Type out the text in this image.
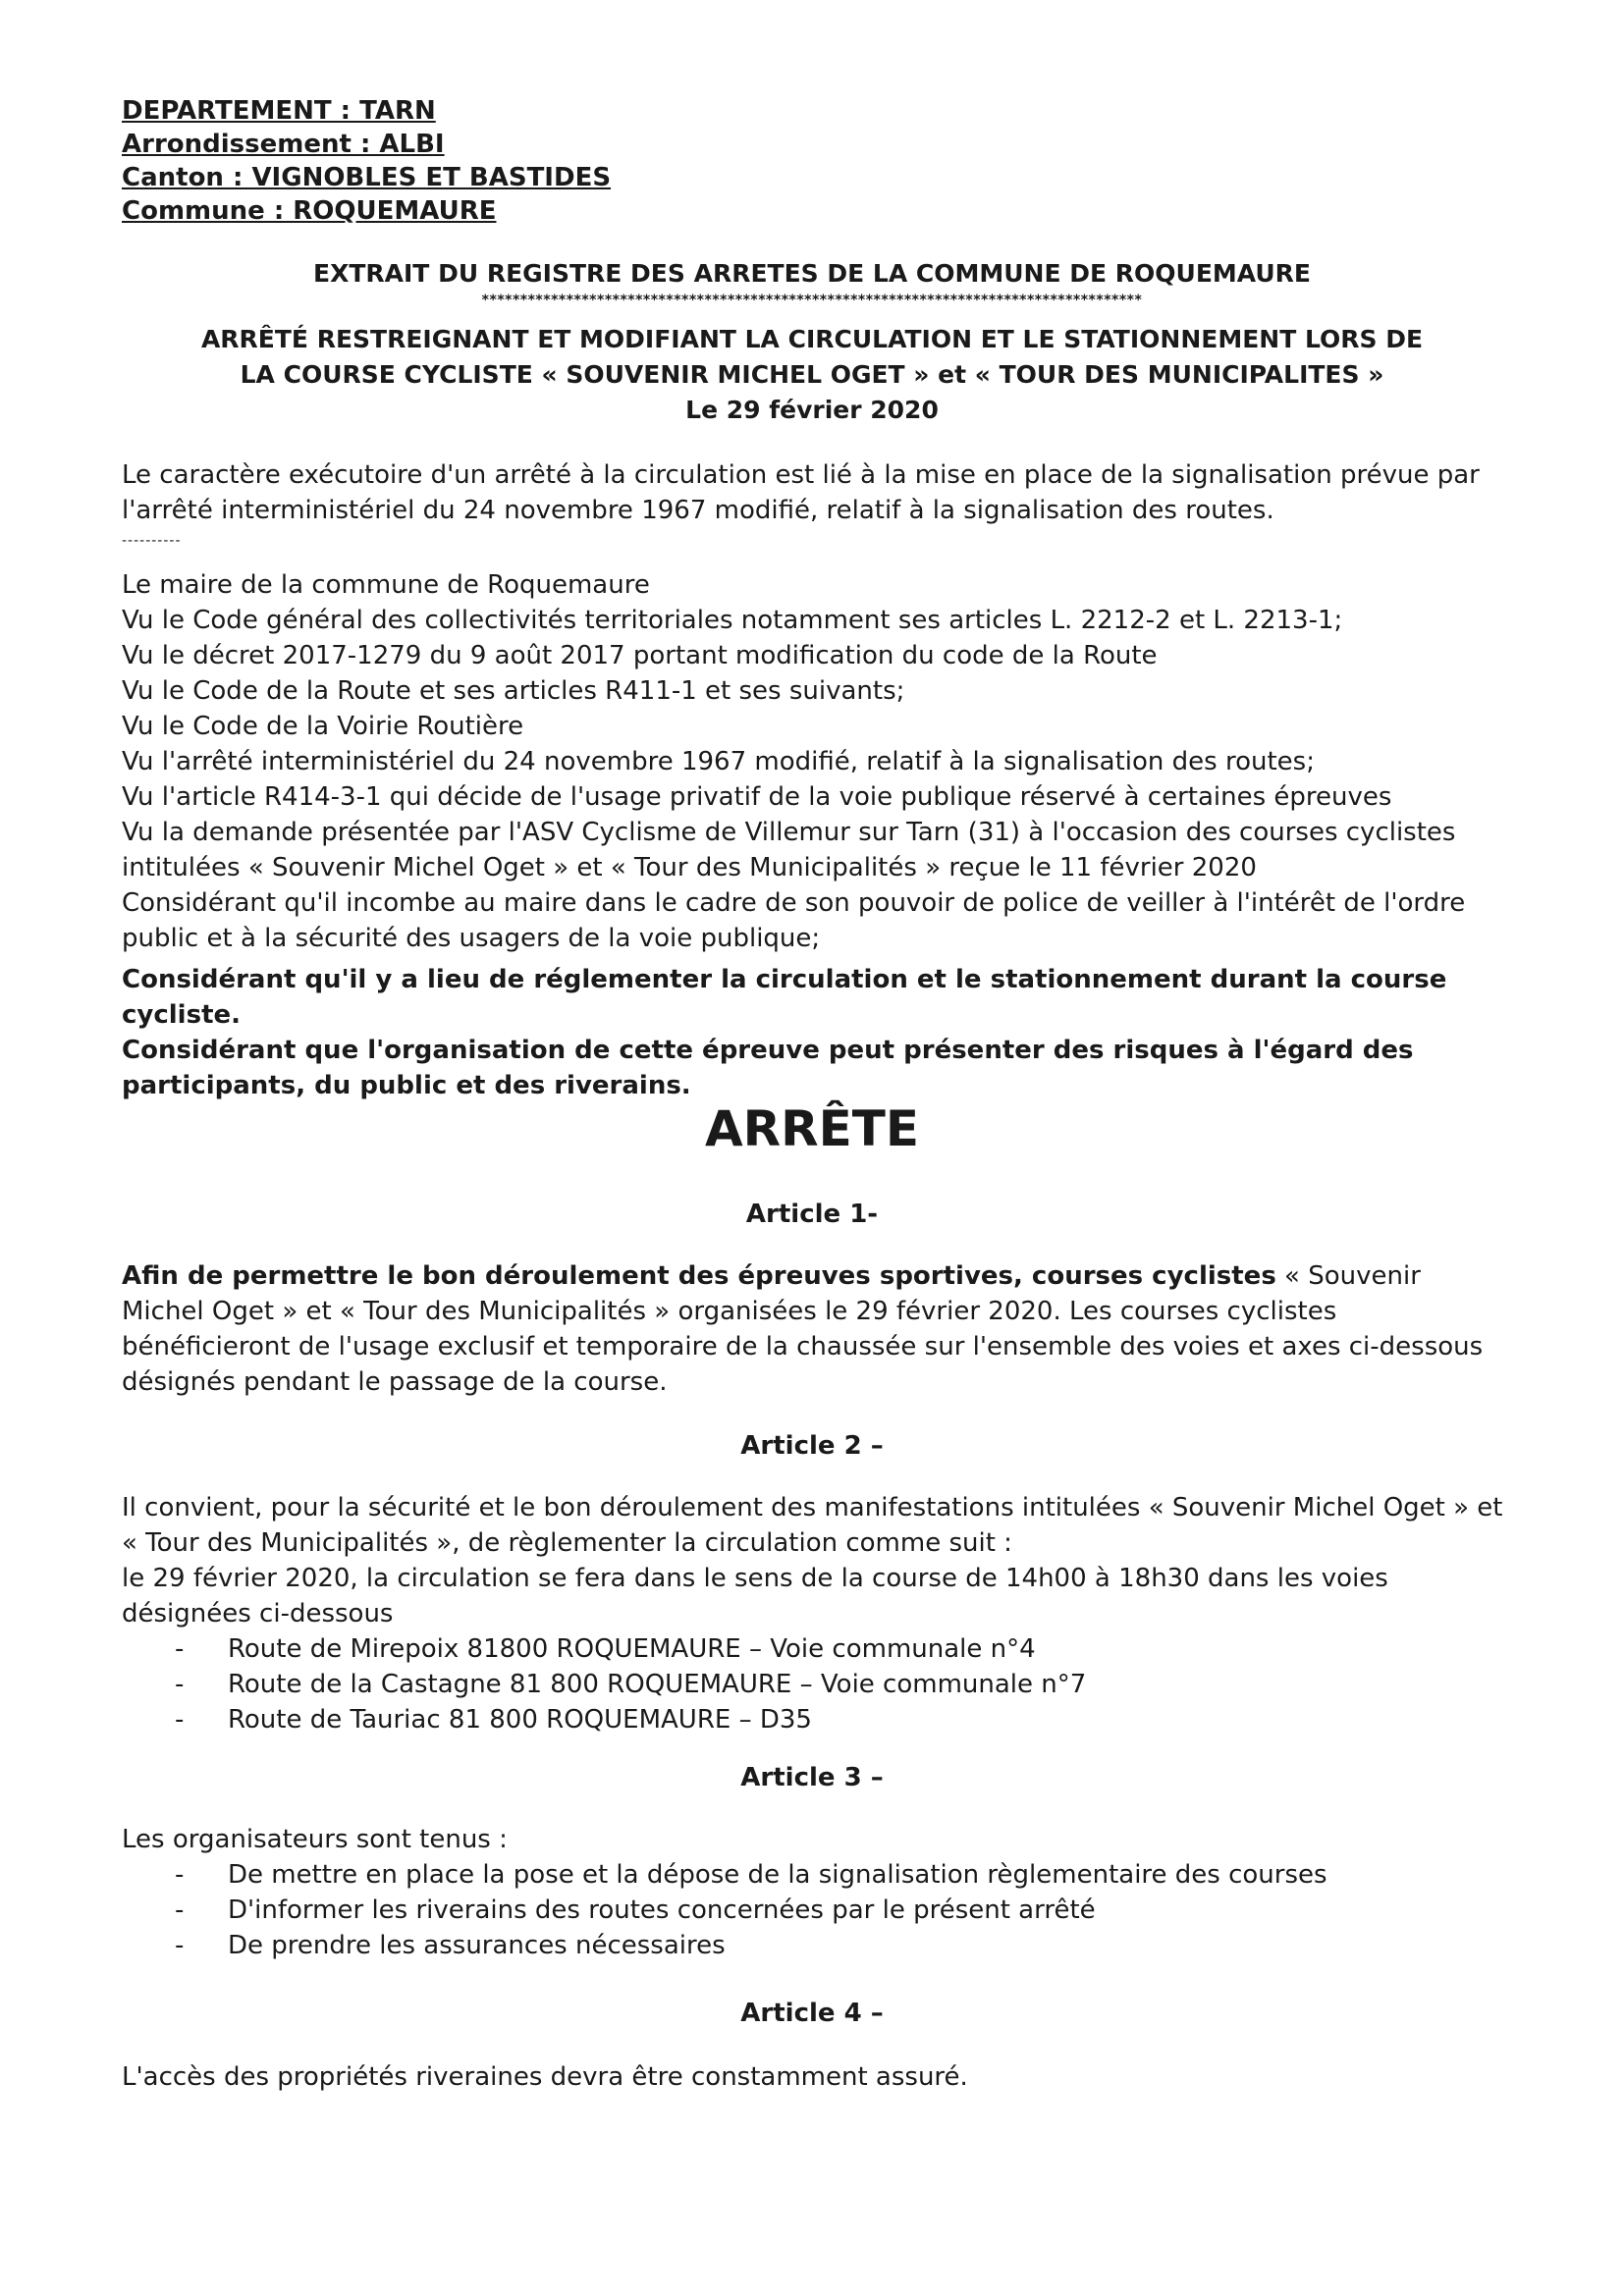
DEPARTEMENT : TARN
Arrondissement : ALBI
Canton : VIGNOBLES ET BASTIDES
Commune : ROQUEMAURE
EXTRAIT DU REGISTRE DES ARRETES DE LA COMMUNE DE ROQUEMAURE
**************************************************************************************
ARRÊTÉ RESTREIGNANT ET MODIFIANT LA CIRCULATION ET LE STATIONNEMENT LORS DE
LA COURSE CYCLISTE « SOUVENIR MICHEL OGET » et « TOUR DES MUNICIPALITES »
Le 29 février 2020

Le caractère exécutoire d'un arrêté à la circulation est lié à la mise en place de la signalisation prévue par l'arrêté interministériel du 24 novembre 1967 modifié, relatif à la signalisation des routes.

----------

Le maire de la commune de Roquemaure

Vu le Code général des collectivités territoriales notamment ses articles L. 2212-2 et L. 2213-1;

Vu le décret 2017-1279 du 9 août 2017 portant modification du code de la Route

Vu le Code de la Route et ses articles R411-1 et ses suivants;

Vu le Code de la Voirie Routière

Vu l'arrêté interministériel du 24 novembre 1967 modifié, relatif à la signalisation des routes;

Vu l'article R414-3-1 qui décide de l'usage privatif de la voie publique réservé à certaines épreuves

Vu la demande présentée par l'ASV Cyclisme de Villemur sur Tarn (31) à l'occasion des courses cyclistes intitulées « Souvenir Michel Oget » et « Tour des Municipalités » reçue le 11 février 2020

Considérant qu'il incombe au maire dans le cadre de son pouvoir de police de veiller à l'intérêt de l'ordre public et à la sécurité des usagers de la voie publique;

Considérant qu'il y a lieu de réglementer la circulation et le stationnement durant la course cycliste.

Considérant que l'organisation de cette épreuve peut présenter des risques à l'égard des participants, du public et des riverains.

ARRÊTE
Article 1-

Afin de permettre le bon déroulement des épreuves sportives, courses cyclistes « Souvenir Michel Oget » et « Tour des Municipalités » organisées le 29 février 2020. Les courses cyclistes bénéficieront de l'usage exclusif et temporaire de la chaussée sur l'ensemble des voies et axes ci-dessous désignés pendant le passage de la course.

Article 2 –

Il convient, pour la sécurité et le bon déroulement des manifestations intitulées « Souvenir Michel Oget » et « Tour des Municipalités », de règlementer la circulation comme suit :

le 29 février 2020, la circulation se fera dans le sens de la course de 14h00 à 18h30 dans les voies désignées ci-dessous

- Route de Mirepoix 81800 ROQUEMAURE – Voie communale n°4
- Route de la Castagne 81 800 ROQUEMAURE – Voie communale n°7
- Route de Tauriac 81 800 ROQUEMAURE – D35
Article 3 –

Les organisateurs sont tenus :

- De mettre en place la pose et la dépose de la signalisation règlementaire des courses
- D'informer les riverains des routes concernées par le présent arrêté
- De prendre les assurances nécessaires
Article 4 –

L'accès des propriétés riveraines devra être constamment assuré.
